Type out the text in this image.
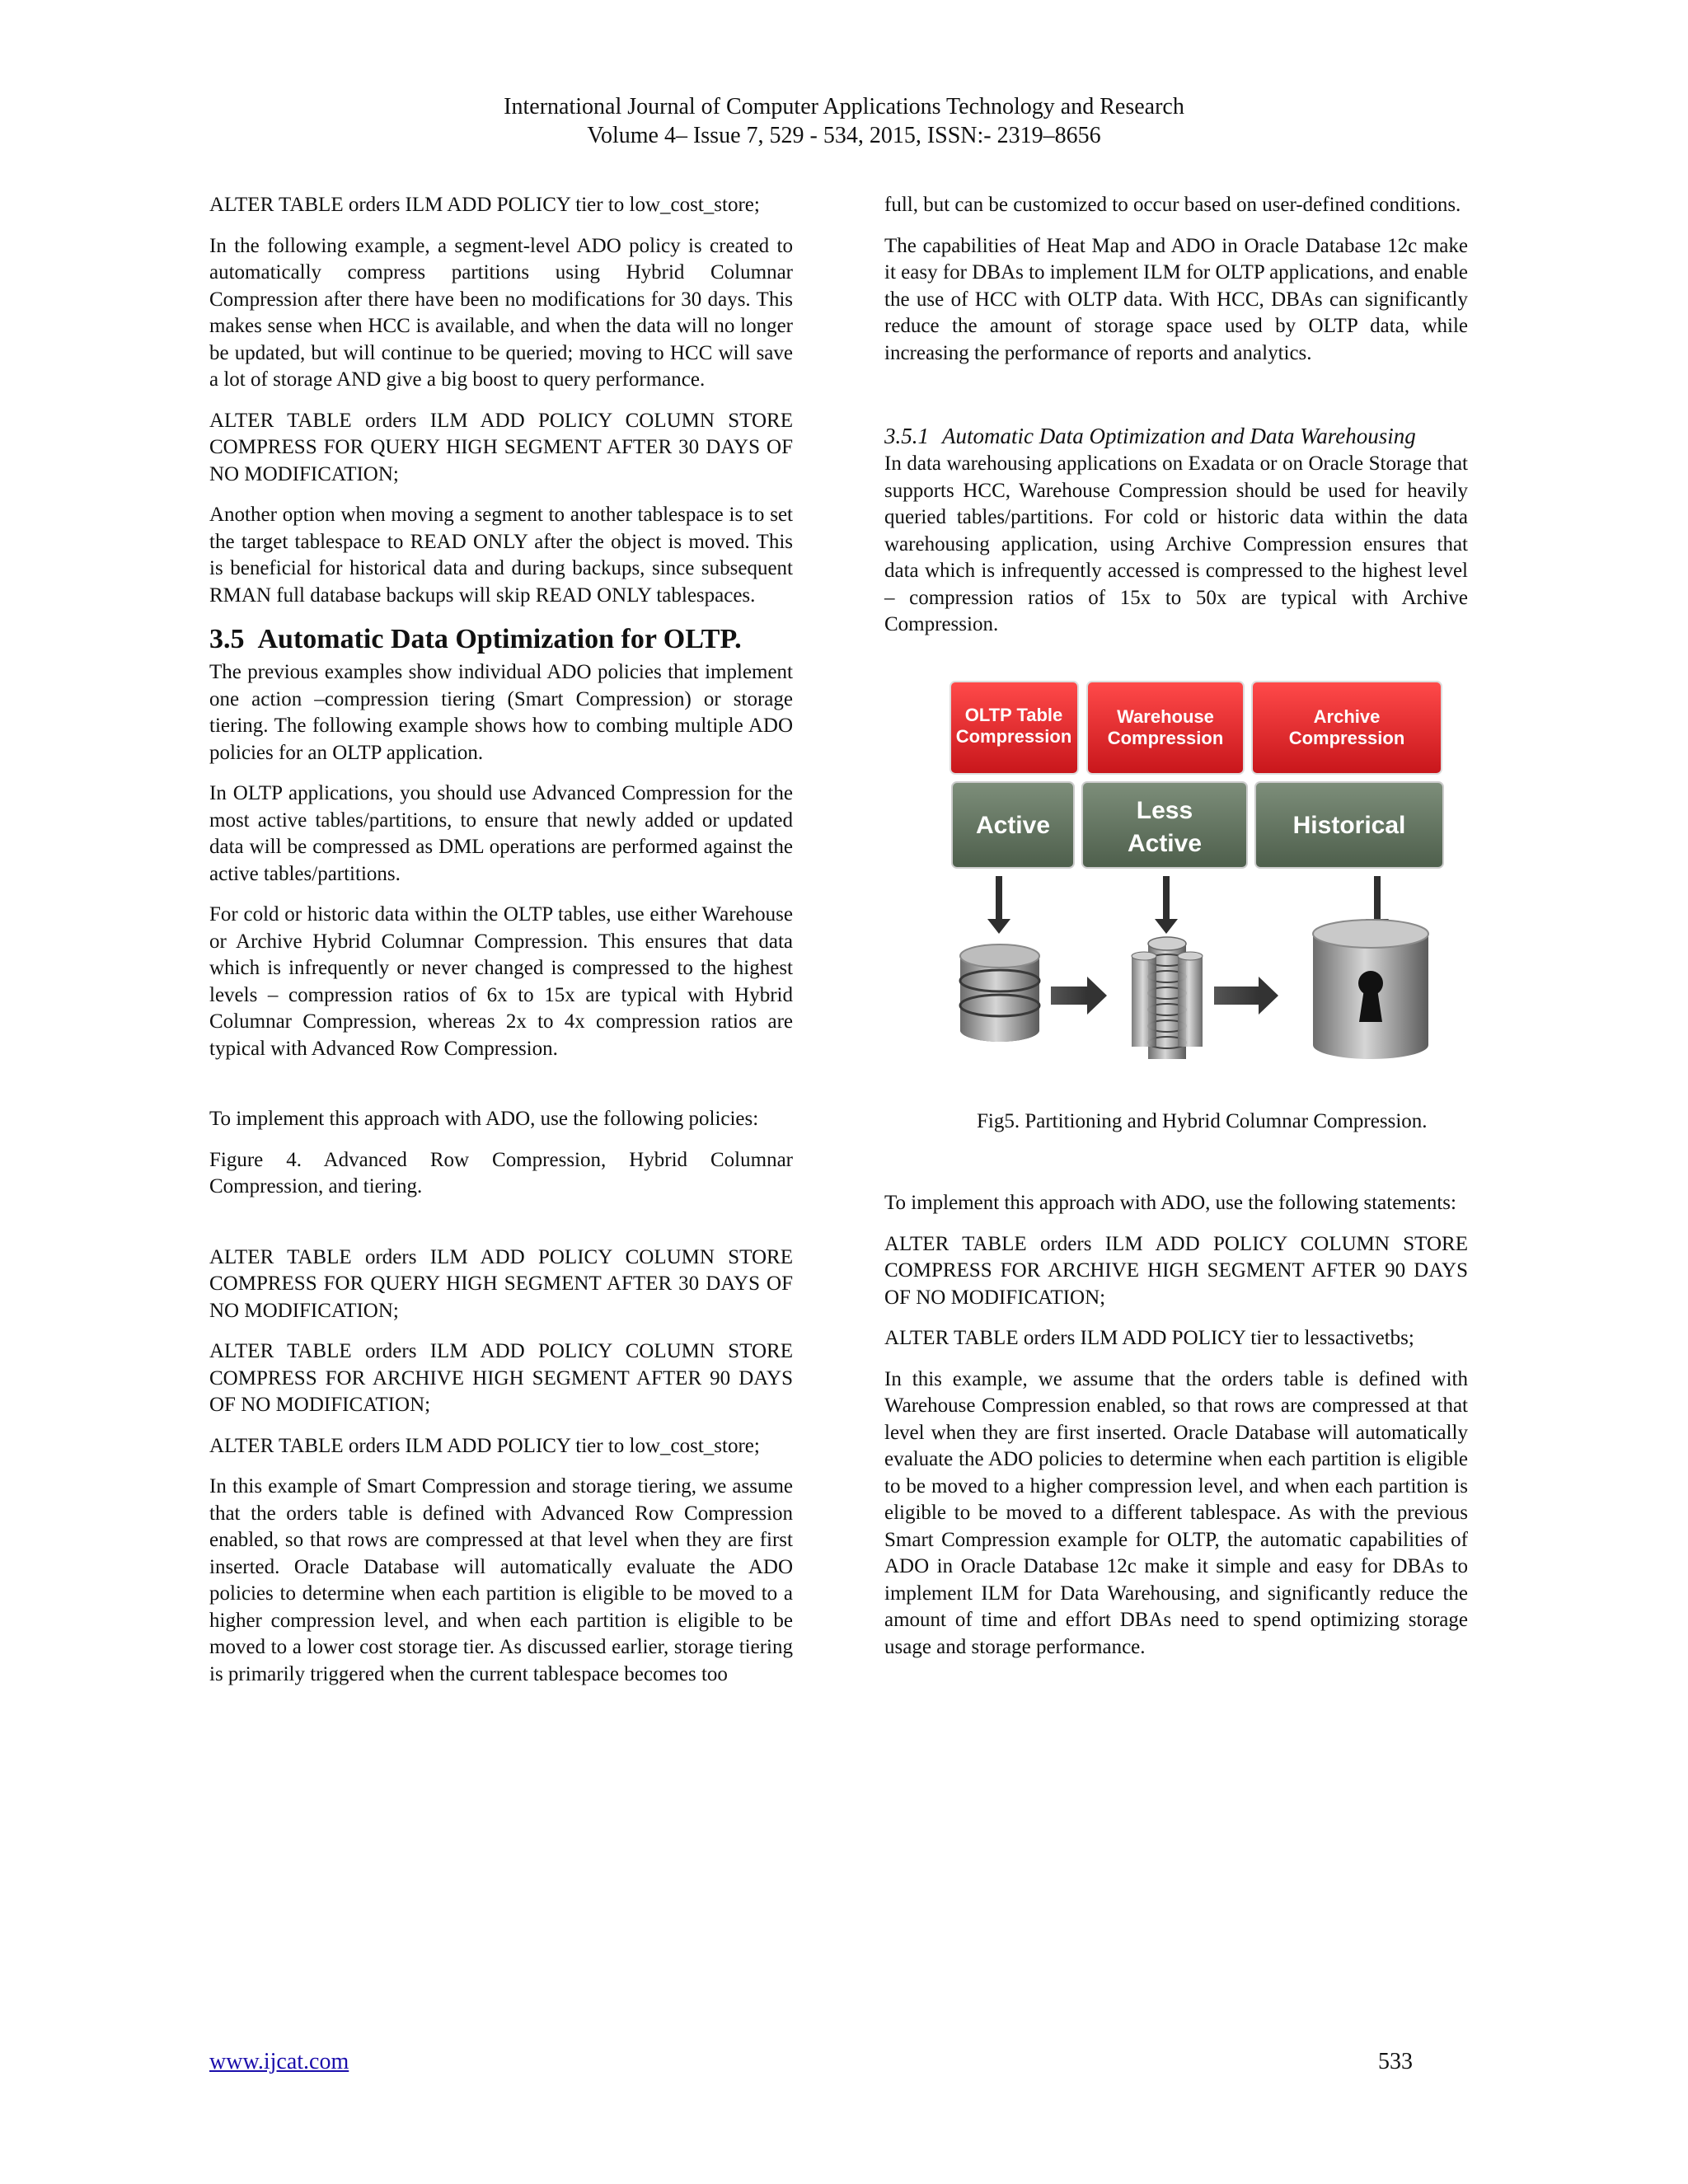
International Journal of Computer Applications Technology and Research
Volume 4– Issue 7, 529 - 534, 2015, ISSN:- 2319–8656

ALTER TABLE orders ILM ADD POLICY tier to low_cost_store;

In the following example, a segment-level ADO policy is created to automatically compress partitions using Hybrid Columnar Compression after there have been no modifications for 30 days. This makes sense when HCC is available, and when the data will no longer be updated, but will continue to be queried; moving to HCC will save a lot of storage AND give a big boost to query performance.

ALTER TABLE orders ILM ADD POLICY COLUMN STORE COMPRESS FOR QUERY HIGH SEGMENT AFTER 30 DAYS OF NO MODIFICATION;

Another option when moving a segment to another tablespace is to set the target tablespace to READ ONLY after the object is moved. This is beneficial for historical data and during backups, since subsequent RMAN full database backups will skip READ ONLY tablespaces.

3.5 Automatic Data Optimization for OLTP.

The previous examples show individual ADO policies that implement one action –compression tiering (Smart Compression) or storage tiering. The following example shows how to combing multiple ADO policies for an OLTP application.

In OLTP applications, you should use Advanced Compression for the most active tables/partitions, to ensure that newly added or updated data will be compressed as DML operations are performed against the active tables/partitions.

For cold or historic data within the OLTP tables, use either Warehouse or Archive Hybrid Columnar Compression. This ensures that data which is infrequently or never changed is compressed to the highest levels – compression ratios of 6x to 15x are typical with Hybrid Columnar Compression, whereas 2x to 4x compression ratios are typical with Advanced Row Compression.

To implement this approach with ADO, use the following policies:

Figure 4. Advanced Row Compression, Hybrid Columnar Compression, and tiering.

ALTER TABLE orders ILM ADD POLICY COLUMN STORE COMPRESS FOR QUERY HIGH SEGMENT AFTER 30 DAYS OF NO MODIFICATION;

ALTER TABLE orders ILM ADD POLICY COLUMN STORE COMPRESS FOR ARCHIVE HIGH SEGMENT AFTER 90 DAYS OF NO MODIFICATION;

ALTER TABLE orders ILM ADD POLICY tier to low_cost_store;

In this example of Smart Compression and storage tiering, we assume that the orders table is defined with Advanced Row Compression enabled, so that rows are compressed at that level when they are first inserted. Oracle Database will automatically evaluate the ADO policies to determine when each partition is eligible to be moved to a higher compression level, and when each partition is eligible to be moved to a lower cost storage tier. As discussed earlier, storage tiering is primarily triggered when the current tablespace becomes too

full, but can be customized to occur based on user-defined conditions.

The capabilities of Heat Map and ADO in Oracle Database 12c make it easy for DBAs to implement ILM for OLTP applications, and enable the use of HCC with OLTP data. With HCC, DBAs can significantly reduce the amount of storage space used by OLTP data, while increasing the performance of reports and analytics.

3.5.1 Automatic Data Optimization and Data Warehousing

In data warehousing applications on Exadata or on Oracle Storage that supports HCC, Warehouse Compression should be used for heavily queried tables/partitions. For cold or historic data within the data warehousing application, using Archive Compression ensures that data which is infrequently accessed is compressed to the highest level – compression ratios of 15x to 50x are typical with Archive Compression.

OLTP Table
Compression
Warehouse
Compression
Archive
Compression
Active
Less
Active
Historical

Fig5. Partitioning and Hybrid Columnar Compression.

To implement this approach with ADO, use the following statements:

ALTER TABLE orders ILM ADD POLICY COLUMN STORE COMPRESS FOR ARCHIVE HIGH SEGMENT AFTER 90 DAYS OF NO MODIFICATION;

ALTER TABLE orders ILM ADD POLICY tier to lessactivetbs;

In this example, we assume that the orders table is defined with Warehouse Compression enabled, so that rows are compressed at that level when they are first inserted. Oracle Database will automatically evaluate the ADO policies to determine when each partition is eligible to be moved to a higher compression level, and when each partition is eligible to be moved to a different tablespace. As with the previous Smart Compression example for OLTP, the automatic capabilities of ADO in Oracle Database 12c make it simple and easy for DBAs to implement ILM for Data Warehousing, and significantly reduce the amount of time and effort DBAs need to spend optimizing storage usage and storage performance.

www.ijcat.com	533
